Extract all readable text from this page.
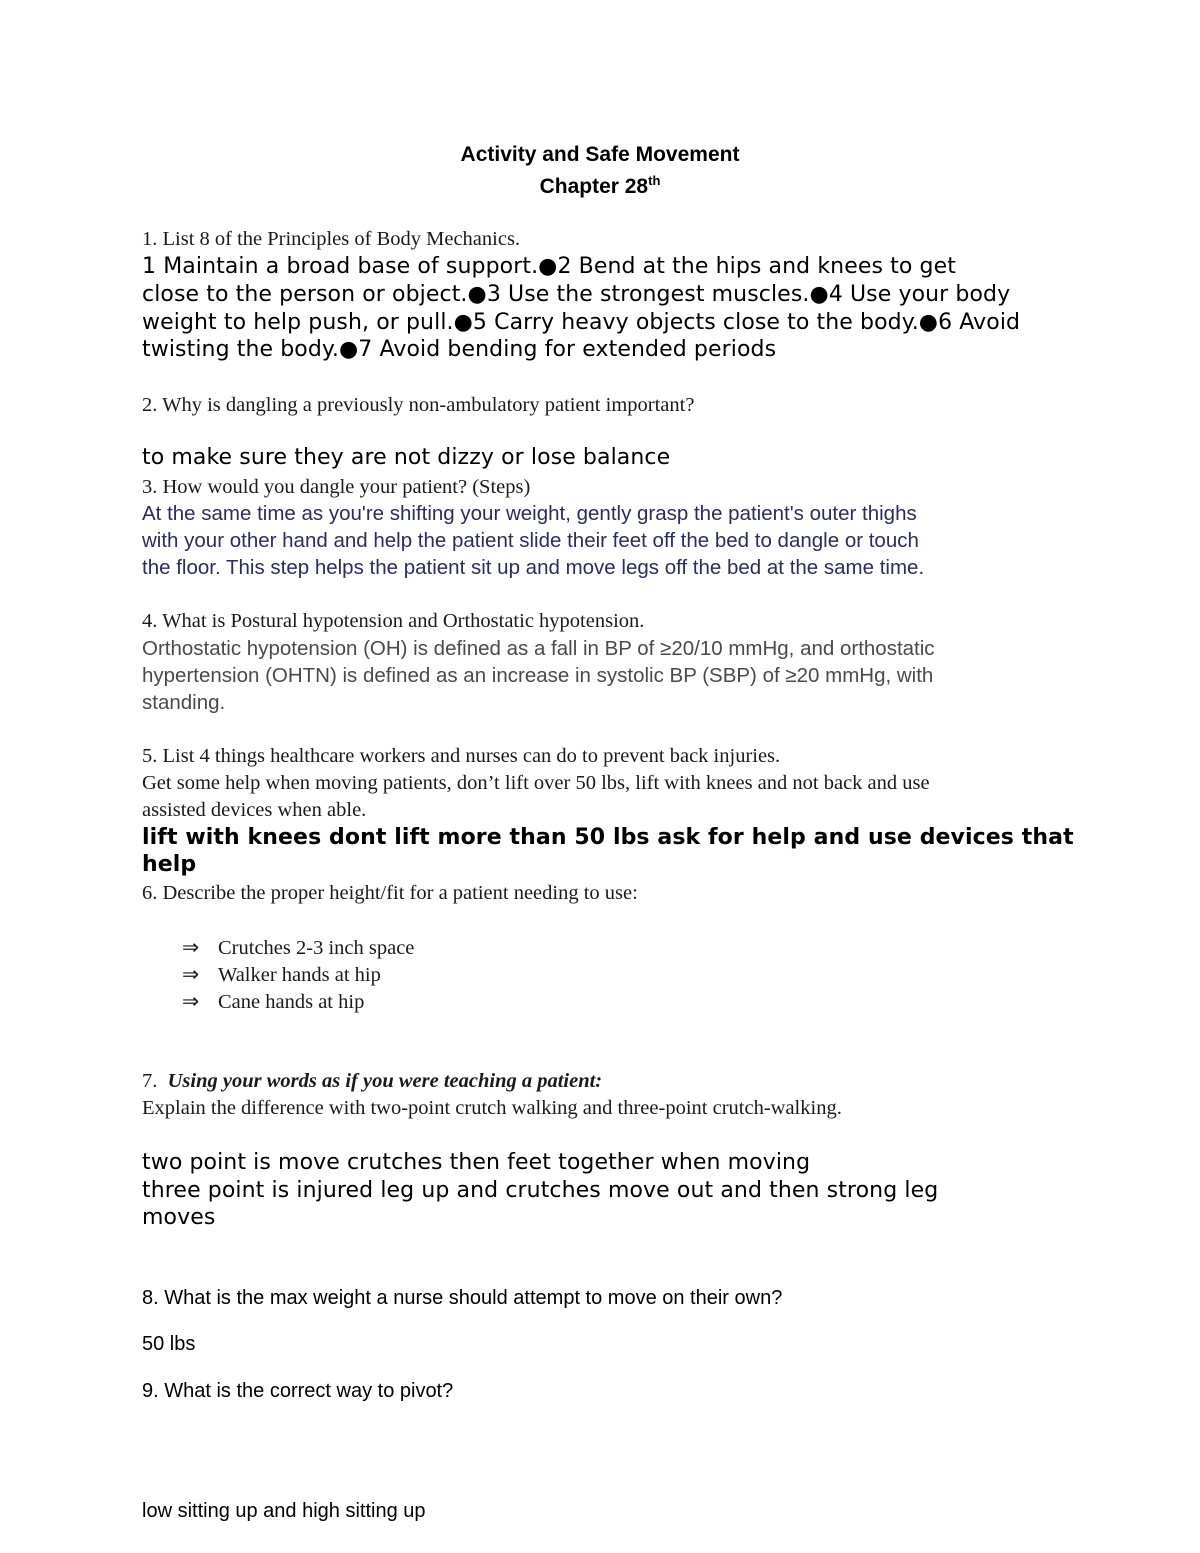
Activity and Safe Movement
Chapter 28th
1. List 8 of the Principles of Body Mechanics.
1 Maintain a broad base of support.●2 Bend at the hips and knees to get
close to the person or object.●3 Use the strongest muscles.●4 Use your body
weight to help push, or pull.●5 Carry heavy objects close to the body.●6 Avoid
twisting the body.●7 Avoid bending for extended periods
2. Why is dangling a previously non-ambulatory patient important?
to make sure they are not dizzy or lose balance
3. How would you dangle your patient? (Steps)
At the same time as you're shifting your weight, gently grasp the patient's outer thighs
with your other hand and help the patient slide their feet off the bed to dangle or touch
the floor. This step helps the patient sit up and move legs off the bed at the same time.
4. What is Postural hypotension and Orthostatic hypotension.
Orthostatic hypotension (OH) is defined as a fall in BP of ≥20/10 mmHg, and orthostatic
hypertension (OHTN) is defined as an increase in systolic BP (SBP) of ≥20 mmHg, with
standing.
5. List 4 things healthcare workers and nurses can do to prevent back injuries.
Get some help when moving patients, don’t lift over 50 lbs, lift with knees and not back and use
assisted devices when able.
lift with knees dont lift more than 50 lbs ask for help and use devices that
help
6. Describe the proper height/fit for a patient needing to use:
⇒ Crutches 2-3 inch space
⇒ Walker hands at hip
⇒ Cane hands at hip
7. Using your words as if you were teaching a patient:
Explain the difference with two-point crutch walking and three-point crutch-walking.
two point is move crutches then feet together when moving
three point is injured leg up and crutches move out and then strong leg
moves
8. What is the max weight a nurse should attempt to move on their own?
50 lbs
9. What is the correct way to pivot?
low sitting up and high sitting up
